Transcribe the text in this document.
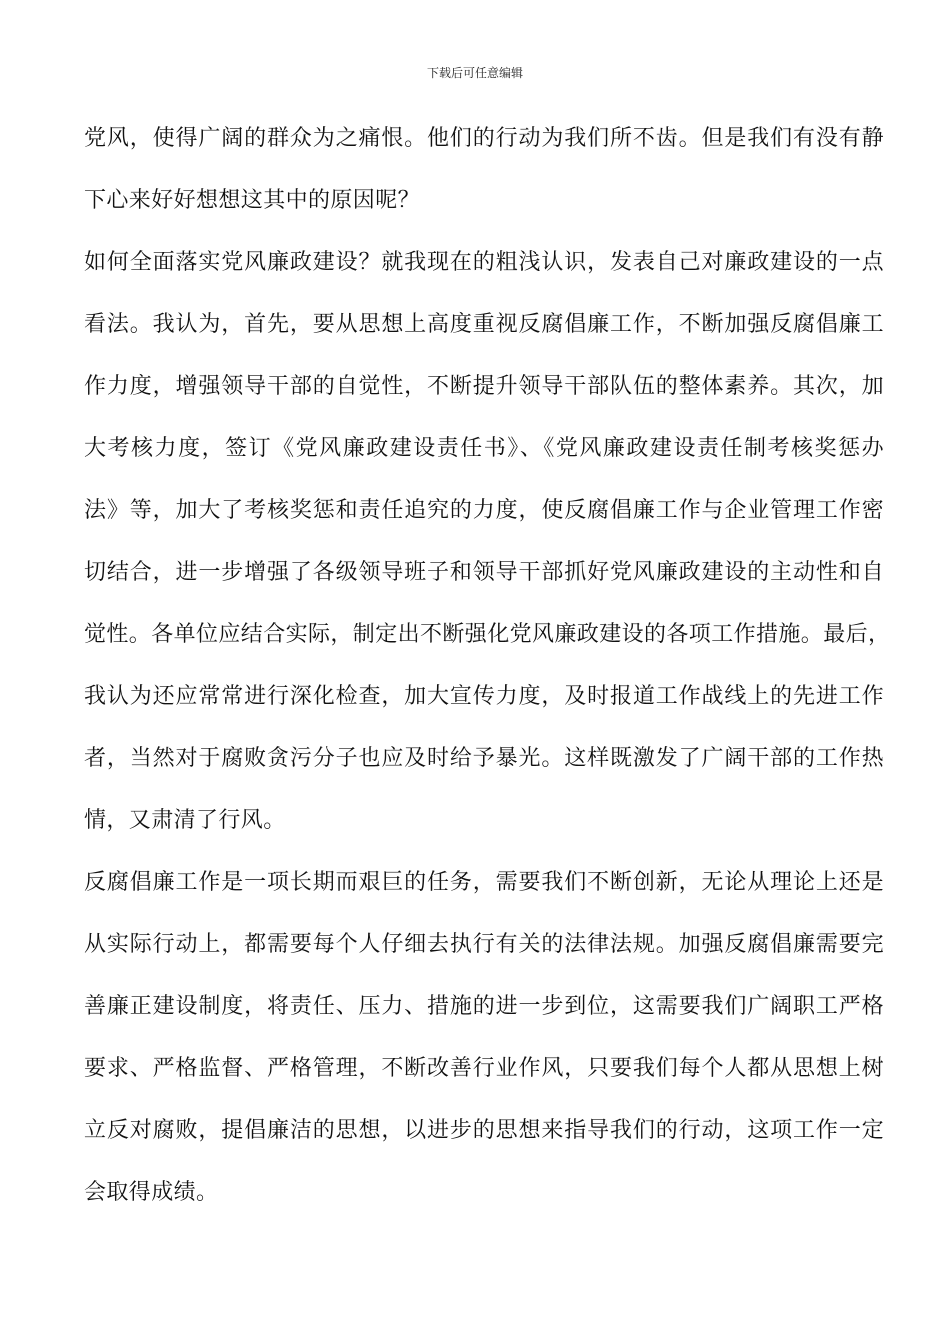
下载后可任意编辑
党风，使得广阔的群众为之痛恨。他们的行动为我们所不齿。但是我们有没有静
下心来好好想想这其中的原因呢？
如何全面落实党风廉政建设？就我现在的粗浅认识，发表自己对廉政建设的一点
看法。我认为，首先，要从思想上高度重视反腐倡廉工作，不断加强反腐倡廉工
作力度，增强领导干部的自觉性，不断提升领导干部队伍的整体素养。其次，加
大考核力度，签订《党风廉政建设责任书》、《党风廉政建设责任制考核奖惩办
法》等，加大了考核奖惩和责任追究的力度，使反腐倡廉工作与企业管理工作密
切结合，进一步增强了各级领导班子和领导干部抓好党风廉政建设的主动性和自
觉性。各单位应结合实际，制定出不断强化党风廉政建设的各项工作措施。最后，
我认为还应常常进行深化检查，加大宣传力度，及时报道工作战线上的先进工作
者，当然对于腐败贪污分子也应及时给予暴光。这样既激发了广阔干部的工作热
情，又肃清了行风。
反腐倡廉工作是一项长期而艰巨的任务，需要我们不断创新，无论从理论上还是
从实际行动上，都需要每个人仔细去执行有关的法律法规。加强反腐倡廉需要完
善廉正建设制度，将责任、压力、措施的进一步到位，这需要我们广阔职工严格
要求、严格监督、严格管理，不断改善行业作风，只要我们每个人都从思想上树
立反对腐败，提倡廉洁的思想，以进步的思想来指导我们的行动，这项工作一定
会取得成绩。
